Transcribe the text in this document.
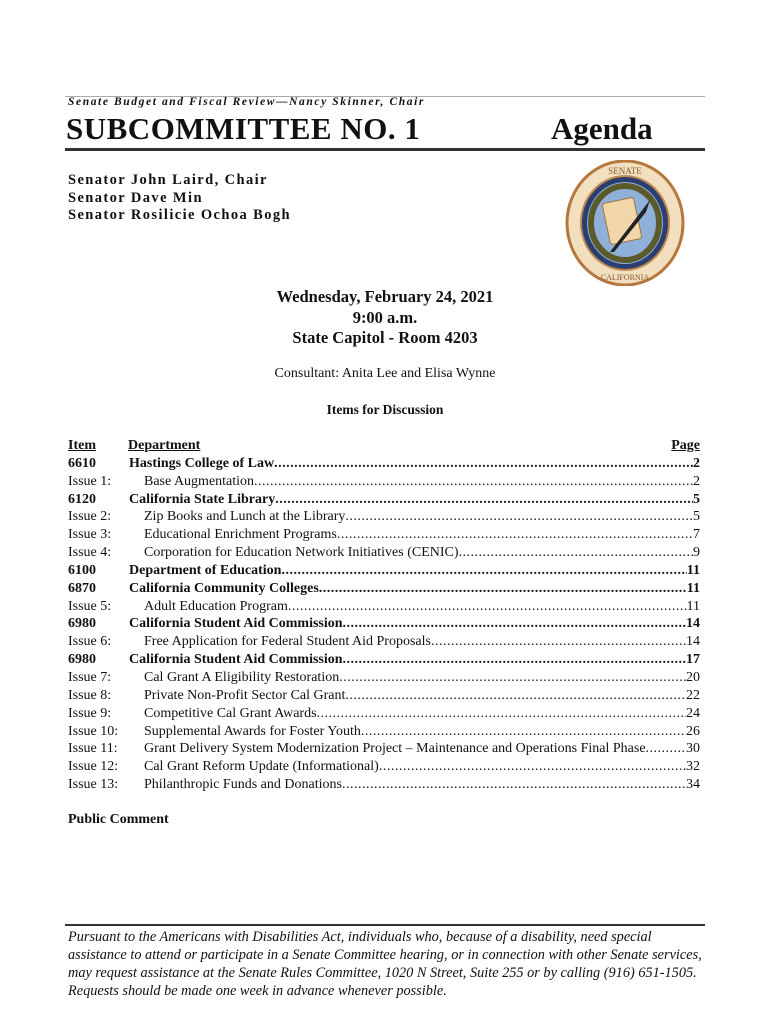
Senate Budget and Fiscal Review—Nancy Skinner, Chair
SUBCOMMITTEE NO. 1	Agenda
Senator John Laird, Chair
Senator Dave Min
Senator Rosilicie Ochoa Bogh
SENATE
CALIFORNIA
Wednesday, February 24, 2021
9:00 a.m.
State Capitol - Room 4203
Consultant: Anita Lee and Elisa Wynne
Items for Discussion
Item	Department	Page
6610	Hastings College of Law .....	2
Issue 1:	Base Augmentation .....	2
6120	California State Library .....	5
Issue 2:	Zip Books and Lunch at the Library .....	5
Issue 3:	Educational Enrichment Programs .....	7
Issue 4:	Corporation for Education Network Initiatives (CENIC) .....	9
6100	Department of Education .....	11
6870	California Community Colleges .....	11
Issue 5:	Adult Education Program .....	11
6980	California Student Aid Commission .....	14
Issue 6:	Free Application for Federal Student Aid Proposals .....	14
6980	California Student Aid Commission .....	17
Issue 7:	Cal Grant A Eligibility Restoration .....	20
Issue 8:	Private Non-Profit Sector Cal Grant .....	22
Issue 9:	Competitive Cal Grant Awards .....	24
Issue 10:	Supplemental Awards for Foster Youth .....	26
Issue 11:	Grant Delivery System Modernization Project – Maintenance and Operations Final Phase .....	30
Issue 12:	Cal Grant Reform Update (Informational) .....	32
Issue 13:	Philanthropic Funds and Donations .....	34
Public Comment
Pursuant to the Americans with Disabilities Act, individuals who, because of a disability, need special assistance to attend or participate in a Senate Committee hearing, or in connection with other Senate services, may request assistance at the Senate Rules Committee, 1020 N Street, Suite 255 or by calling (916) 651-1505. Requests should be made one week in advance whenever possible.
